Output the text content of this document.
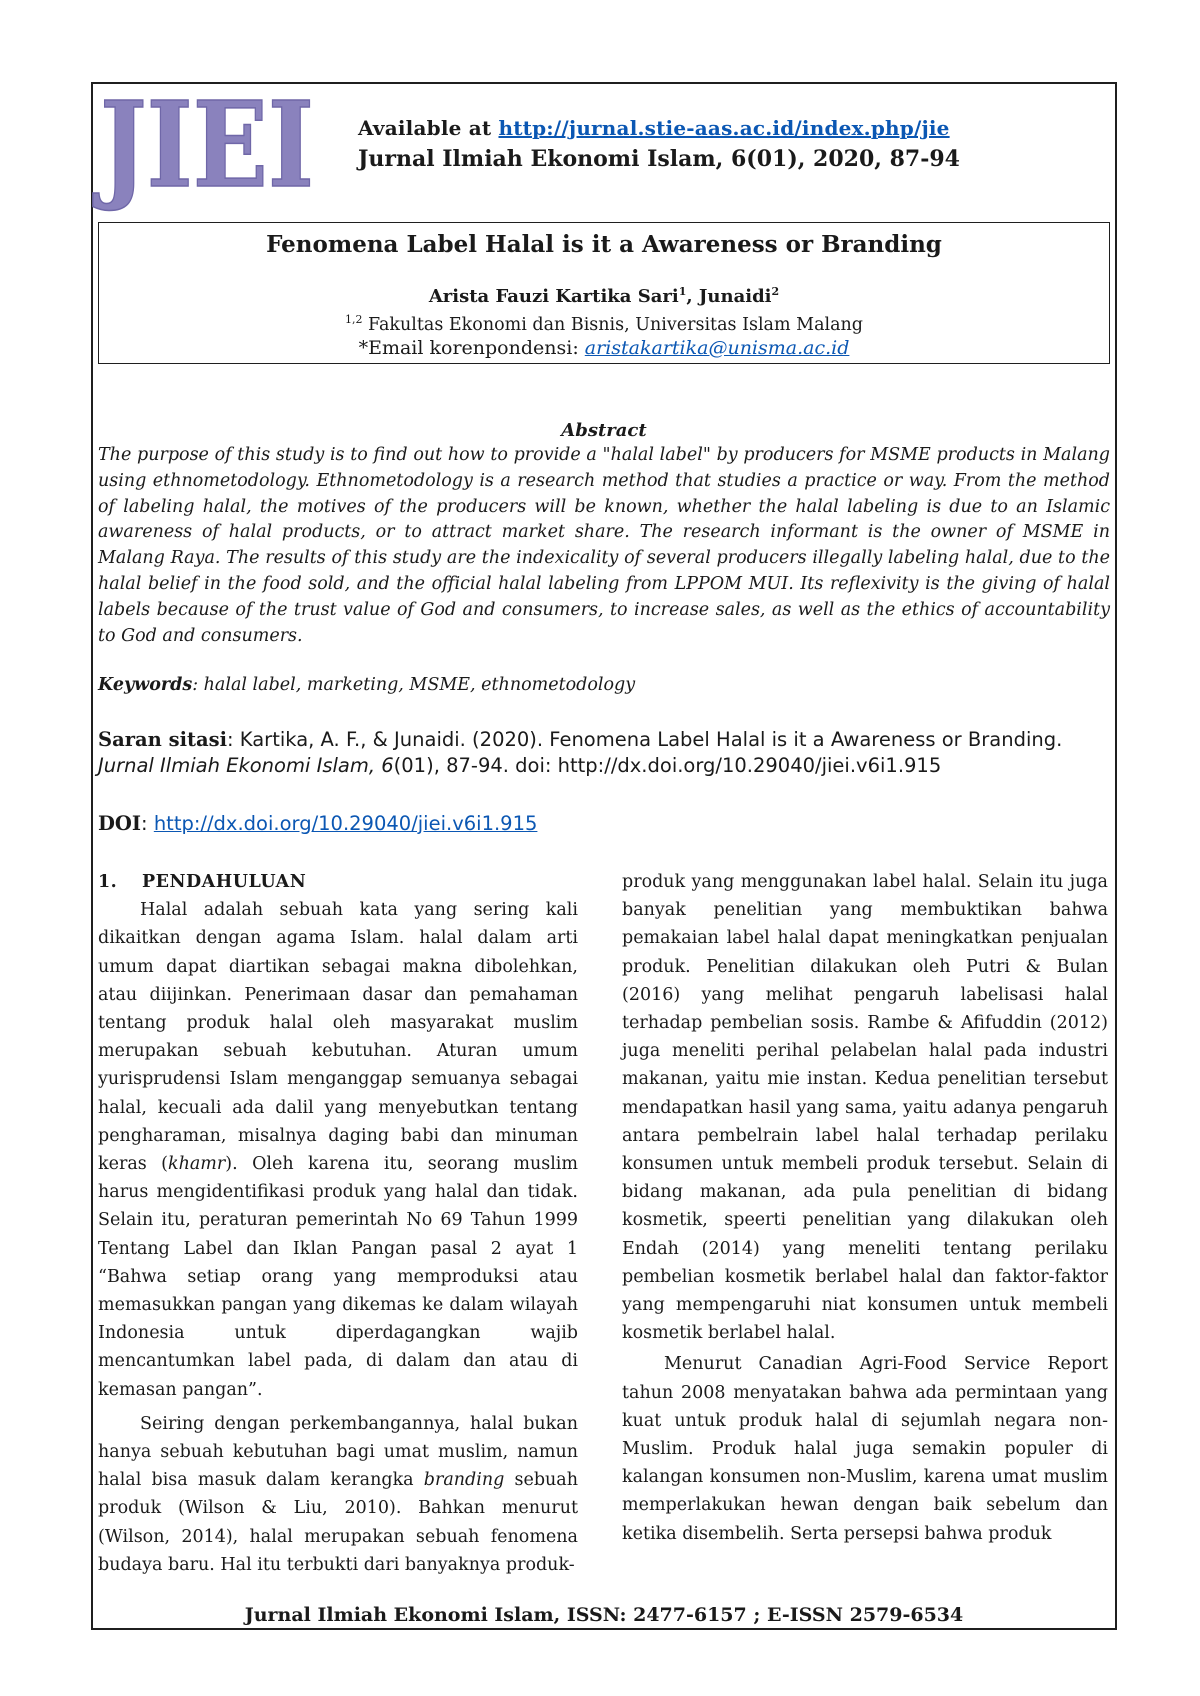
JIEI Available at http://jurnal.stie-aas.ac.id/index.php/jie
Jurnal Ilmiah Ekonomi Islam, 6(01), 2020, 87-94
Fenomena Label Halal is it a Awareness or Branding
Arista Fauzi Kartika Sari$^1$, Junaidi$^2$
$^{1,2}$ Fakultas Ekonomi dan Bisnis, Universitas Islam Malang
*Email korenpondensi: aristakartika@unisma.ac.id
Abstract
The purpose of this study is to find out how to provide a "halal label" by producers for MSME products in Malang using ethnometodology. Ethnometodology is a research method that studies a practice or way. From the method of labeling halal, the motives of the producers will be known, whether the halal labeling is due to an Islamic awareness of halal products, or to attract market share. The research informant is the owner of MSME in Malang Raya. The results of this study are the indexicality of several producers illegally labeling halal, due to the halal belief in the food sold, and the official halal labeling from LPPOM MUI. Its reflexivity is the giving of halal labels because of the trust value of God and consumers, to increase sales, as well as the ethics of accountability to God and consumers.
Keywords: halal label, marketing, MSME, ethnometodology
Saran sitasi: Kartika, A. F., & Junaidi. (2020). Fenomena Label Halal is it a Awareness or Branding. Jurnal Ilmiah Ekonomi Islam, 6(01), 87-94. doi: http://dx.doi.org/10.29040/jiei.v6i1.915
DOI: http://dx.doi.org/10.29040/jiei.v6i1.915

1. PENDAHULUAN

Halal adalah sebuah kata yang sering kali dikaitkan dengan agama Islam. halal dalam arti umum dapat diartikan sebagai makna dibolehkan, atau diijinkan. Penerimaan dasar dan pemahaman tentang produk halal oleh masyarakat muslim merupakan sebuah kebutuhan. Aturan umum yurisprudensi Islam menganggap semuanya sebagai halal, kecuali ada dalil yang menyebutkan tentang pengharaman, misalnya daging babi dan minuman keras (khamr). Oleh karena itu, seorang muslim harus mengidentifikasi produk yang halal dan tidak. Selain itu, peraturan pemerintah No 69 Tahun 1999 Tentang Label dan Iklan Pangan pasal 2 ayat 1 “Bahwa setiap orang yang memproduksi atau memasukkan pangan yang dikemas ke dalam wilayah Indonesia untuk diperdagangkan wajib mencantumkan label pada, di dalam dan atau di kemasan pangan”.

Seiring dengan perkembangannya, halal bukan hanya sebuah kebutuhan bagi umat muslim, namun halal bisa masuk dalam kerangka branding sebuah produk (Wilson & Liu, 2010). Bahkan menurut (Wilson, 2014), halal merupakan sebuah fenomena budaya baru. Hal itu terbukti dari banyaknya produk-

produk yang menggunakan label halal. Selain itu juga banyak penelitian yang membuktikan bahwa pemakaian label halal dapat meningkatkan penjualan produk. Penelitian dilakukan oleh Putri & Bulan (2016) yang melihat pengaruh labelisasi halal terhadap pembelian sosis. Rambe & Afifuddin (2012) juga meneliti perihal pelabelan halal pada industri makanan, yaitu mie instan. Kedua penelitian tersebut mendapatkan hasil yang sama, yaitu adanya pengaruh antara pembelrain label halal terhadap perilaku konsumen untuk membeli produk tersebut. Selain di bidang makanan, ada pula penelitian di bidang kosmetik, speerti penelitian yang dilakukan oleh Endah (2014) yang meneliti tentang perilaku pembelian kosmetik berlabel halal dan faktor-faktor yang mempengaruhi niat konsumen untuk membeli kosmetik berlabel halal.

Menurut Canadian Agri-Food Service Report tahun 2008 menyatakan bahwa ada permintaan yang kuat untuk produk halal di sejumlah negara non-Muslim. Produk halal juga semakin populer di kalangan konsumen non-Muslim, karena umat muslim memperlakukan hewan dengan baik sebelum dan ketika disembelih. Serta persepsi bahwa produk

Jurnal Ilmiah Ekonomi Islam, ISSN: 2477-6157 ; E-ISSN 2579-6534
